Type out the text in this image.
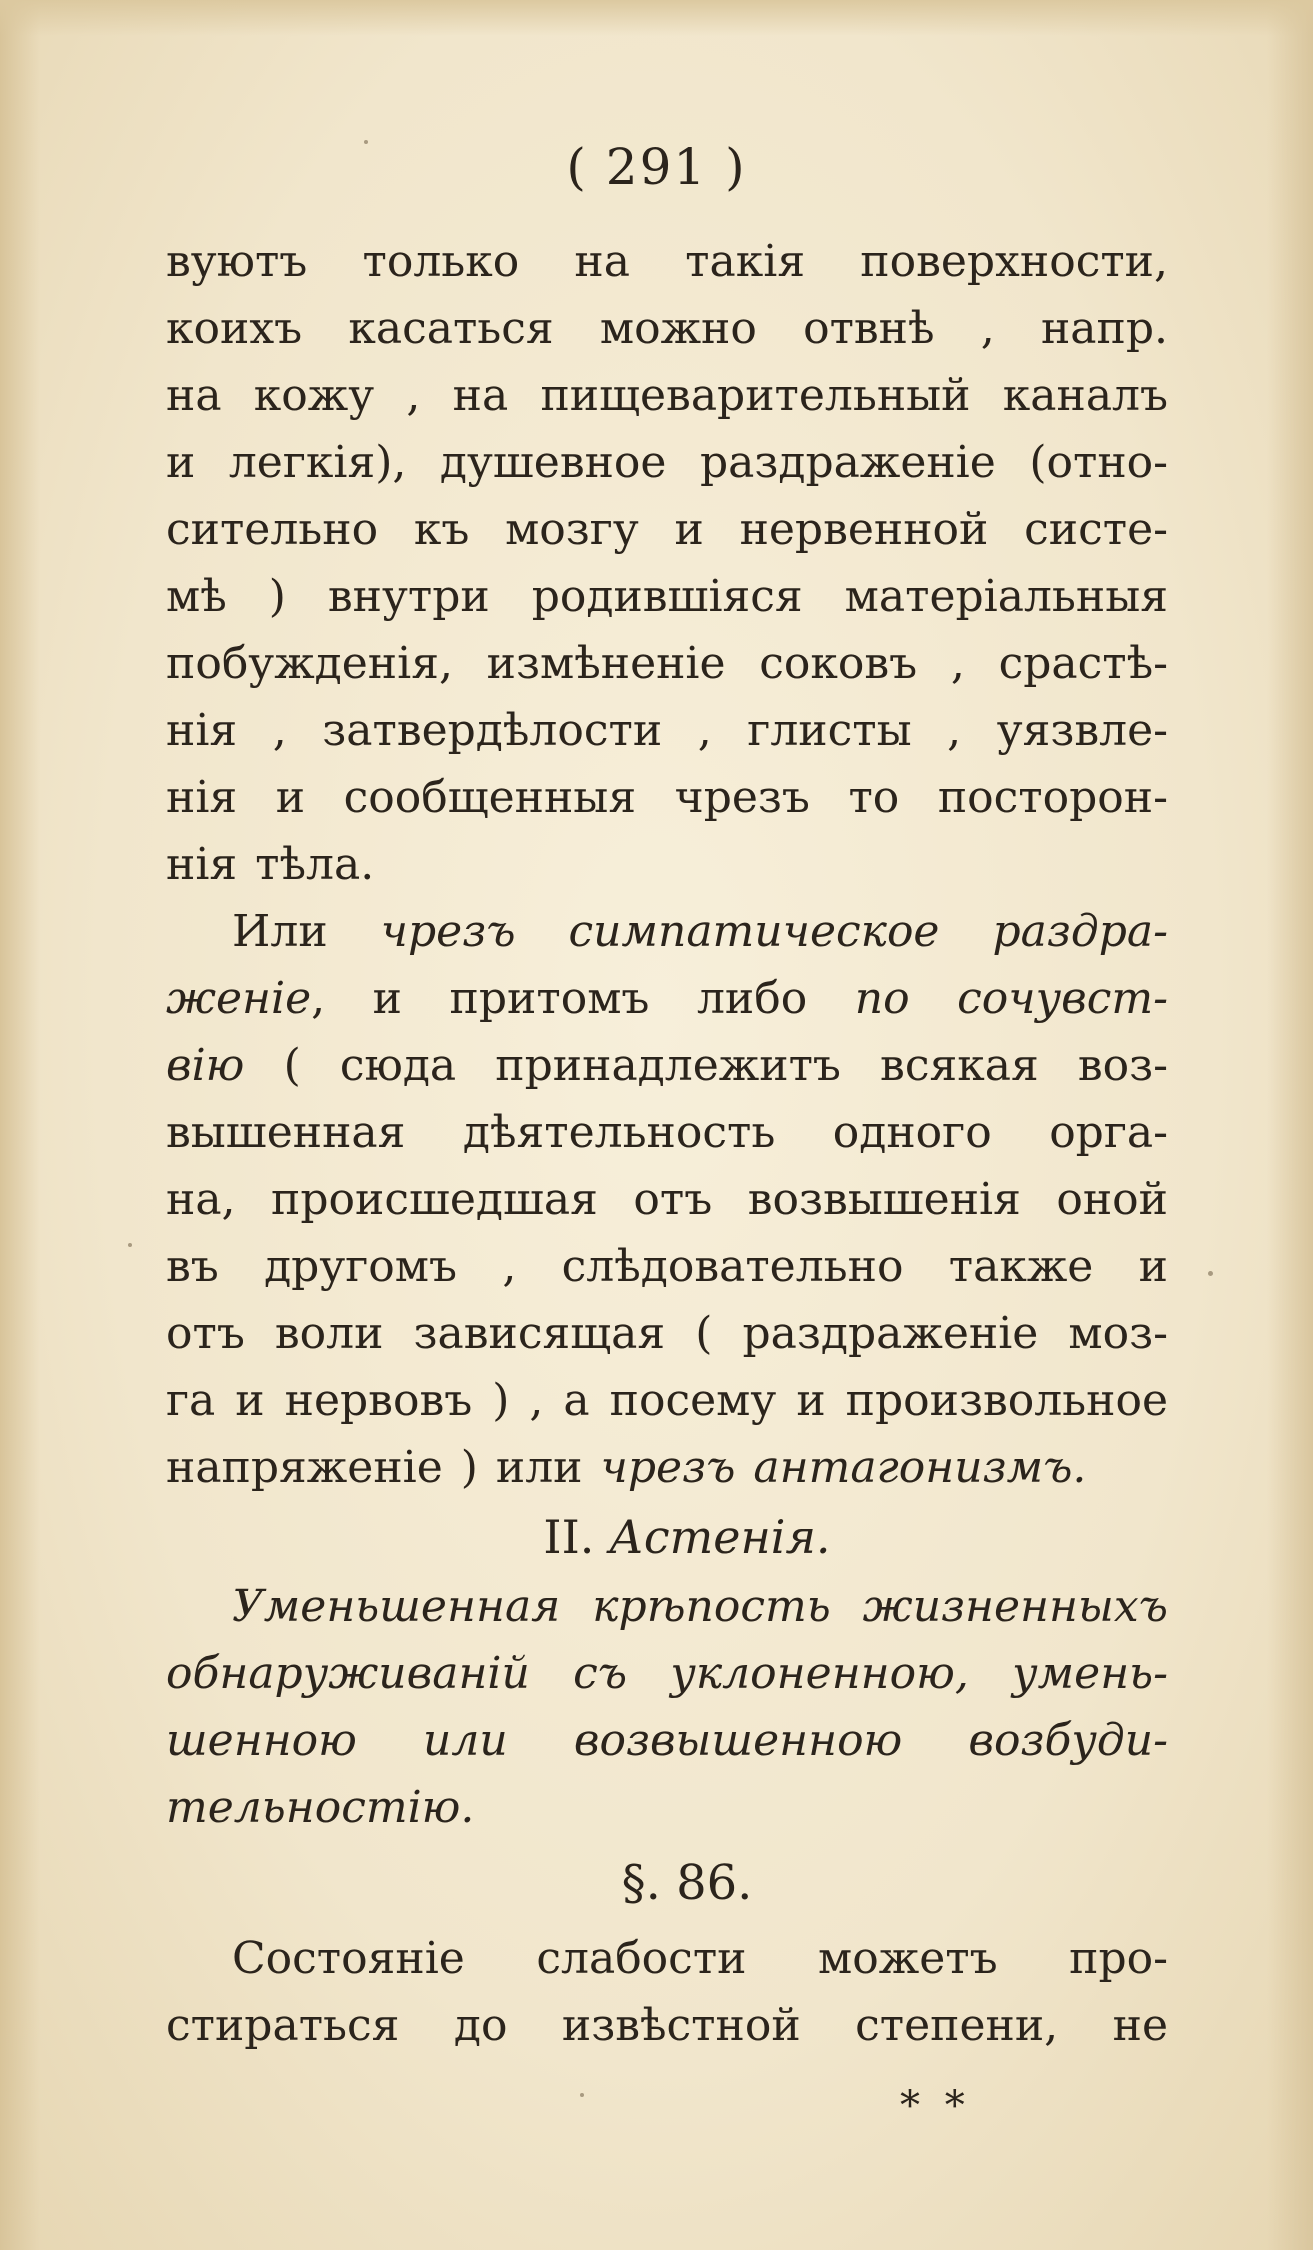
( 291 )
вуютъ только на такія поверхности,
коихъ касаться можно отвнѣ , напр.
на кожу , на пищеварительный каналъ
и легкія), душевное раздраженіе (отно-
сительно къ мозгу и нервенной систе-
мѣ ) внутри родившіяся матеріальныя
побужденія, измѣненіе соковъ , срастѣ-
нія , затвердѣлости , глисты , уязвле-
нія и сообщенныя чрезъ то посторон-
нія тѣла.
Или чрезъ симпатическое раздра-
женіе, и притомъ либо по сочувст-
вію ( сюда принадлежитъ всякая воз-
вышенная дѣятельность одного орга-
на, происшедшая отъ возвышенія оной
въ другомъ , слѣдовательно также и
отъ воли зависящая ( раздраженіе моз-
га и нервовъ ) , а посему и произвольное
напряженіе ) или чрезъ антагонизмъ.
II. Астенія.
Уменьшенная крѣпость жизненныхъ
обнаруживаній съ уклоненною, умень-
шенною или возвышенною возбуди-
тельностію.
§. 86.
Состояніе слабости можетъ про-
стираться до извѣстной степени, не
* *
